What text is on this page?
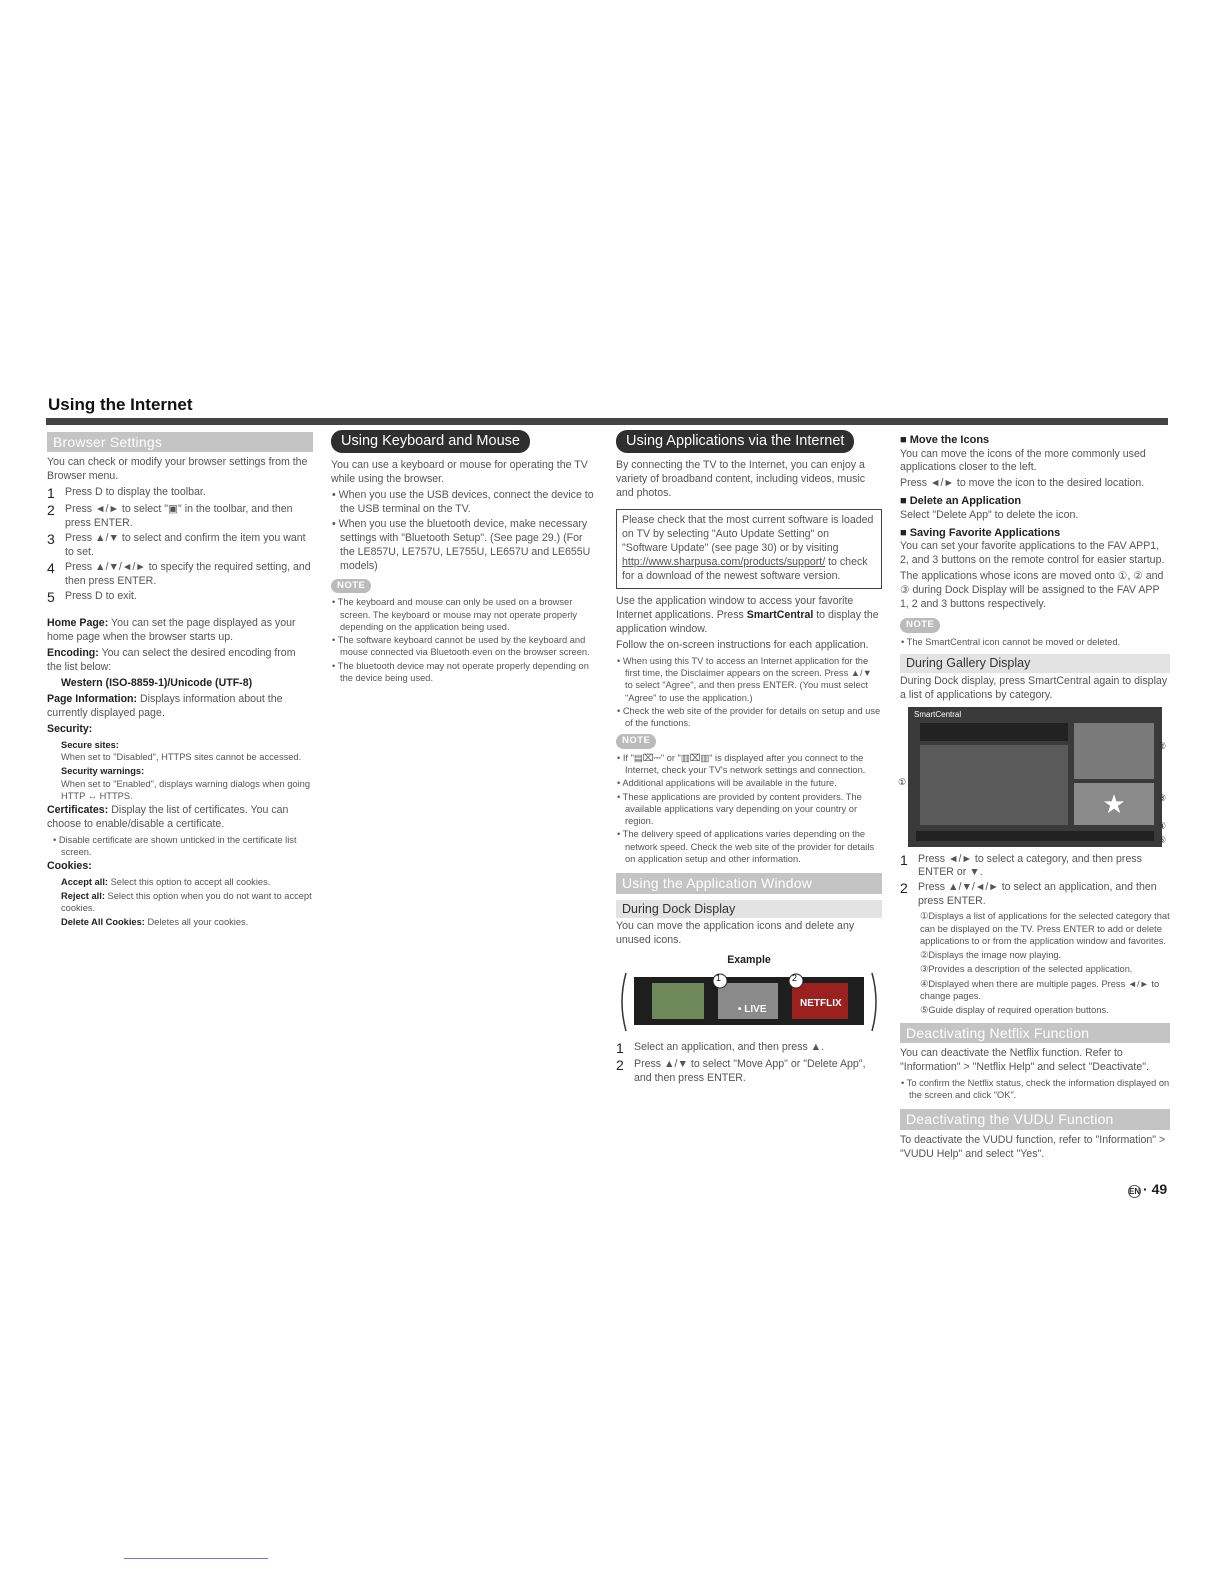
Using the Internet
Browser Settings

You can check or modify your browser settings from the Browser menu.

1 Press D to display the toolbar.
2 Press ◄/► to select "▣" in the toolbar, and then press ENTER.
3 Press ▲/▼ to select and confirm the item you want to set.
4 Press ▲/▼/◄/► to specify the required setting, and then press ENTER.
5 Press D to exit.

Home Page: You can set the page displayed as your home page when the browser starts up.

Encoding: You can select the desired encoding from the list below:

Western (ISO-8859-1)/Unicode (UTF-8)

Page Information: Displays information about the currently displayed page.

Security:

Secure sites:
When set to "Disabled", HTTPS sites cannot be accessed.

Security warnings:
When set to "Enabled", displays warning dialogs when going HTTP ↔ HTTPS.

Certificates: Display the list of certificates. You can choose to enable/disable a certificate.

• Disable certificate are shown unticked in the certificate list screen.

Cookies:

Accept all: Select this option to accept all cookies.

Reject all: Select this option when you do not want to accept cookies.

Delete All Cookies: Deletes all your cookies.

Using Keyboard and Mouse

You can use a keyboard or mouse for operating the TV while using the browser.

• When you use the USB devices, connect the device to the USB terminal on the TV.

• When you use the bluetooth device, make necessary settings with "Bluetooth Setup". (See page 29.) (For the LE857U, LE757U, LE755U, LE657U and LE655U models)

NOTE

• The keyboard and mouse can only be used on a browser screen. The keyboard or mouse may not operate properly depending on the application being used.

• The software keyboard cannot be used by the keyboard and mouse connected via Bluetooth even on the browser screen.

• The bluetooth device may not operate properly depending on the device being used.

Using Applications via the Internet

By connecting the TV to the Internet, you can enjoy a variety of broadband content, including videos, music and photos.

Please check that the most current software is loaded on TV by selecting "Auto Update Setting" on "Software Update" (see page 30) or by visiting http://www.sharpusa.com/products/support/ to check for a download of the newest software version.

Use the application window to access your favorite Internet applications. Press SmartCentral to display the application window.

Follow the on-screen instructions for each application.

• When using this TV to access an Internet application for the first time, the Disclaimer appears on the screen. Press ▲/▼ to select "Agree", and then press ENTER. (You must select "Agree" to use the application.)

• Check the web site of the provider for details on setup and use of the functions.

NOTE

• If "▤⌧⎓" or "▥⌧▥" is displayed after you connect to the Internet, check your TV's network settings and connection.

• Additional applications will be available in the future.

• These applications are provided by content providers. The available applications vary depending on your country or region.

• The delivery speed of applications varies depending on the network speed. Check the web site of the provider for details on application setup and other information.

Using the Application Window
During Dock Display

You can move the application icons and delete any unused icons.

Example
1	2
• LIVE
NETFLIX
1 Select an application, and then press ▲.
2 Press ▲/▼ to select "Move App" or "Delete App", and then press ENTER.
■ Move the Icons

You can move the icons of the more commonly used applications closer to the left.

Press ◄/► to move the icon to the desired location.

■ Delete an Application

Select "Delete App" to delete the icon.

■ Saving Favorite Applications

You can set your favorite applications to the FAV APP1, 2, and 3 buttons on the remote control for easier startup.

The applications whose icons are moved onto ①, ② and ③ during Dock Display will be assigned to the FAV APP 1, 2 and 3 buttons respectively.

NOTE

• The SmartCentral icon cannot be moved or deleted.

During Gallery Display

During Dock display, press SmartCentral again to display a list of applications by category.

SmartCentral
★
①
②
③
④
⑤
1 Press ◄/► to select a category, and then press ENTER or ▼.
2 Press ▲/▼/◄/► to select an application, and then press ENTER.

①Displays a list of applications for the selected category that can be displayed on the TV. Press ENTER to add or delete applications to or from the application window and favorites.

②Displays the image now playing.

③Provides a description of the selected application.

④Displayed when there are multiple pages. Press ◄/► to change pages.

⑤Guide display of required operation buttons.

Deactivating Netflix Function

You can deactivate the Netflix function. Refer to "Information" > "Netflix Help" and select "Deactivate".

• To confirm the Netflix status, check the information displayed on the screen and click "OK".

Deactivating the VUDU Function

To deactivate the VUDU function, refer to "Information" > "VUDU Help" and select "Yes".

EN · 49
